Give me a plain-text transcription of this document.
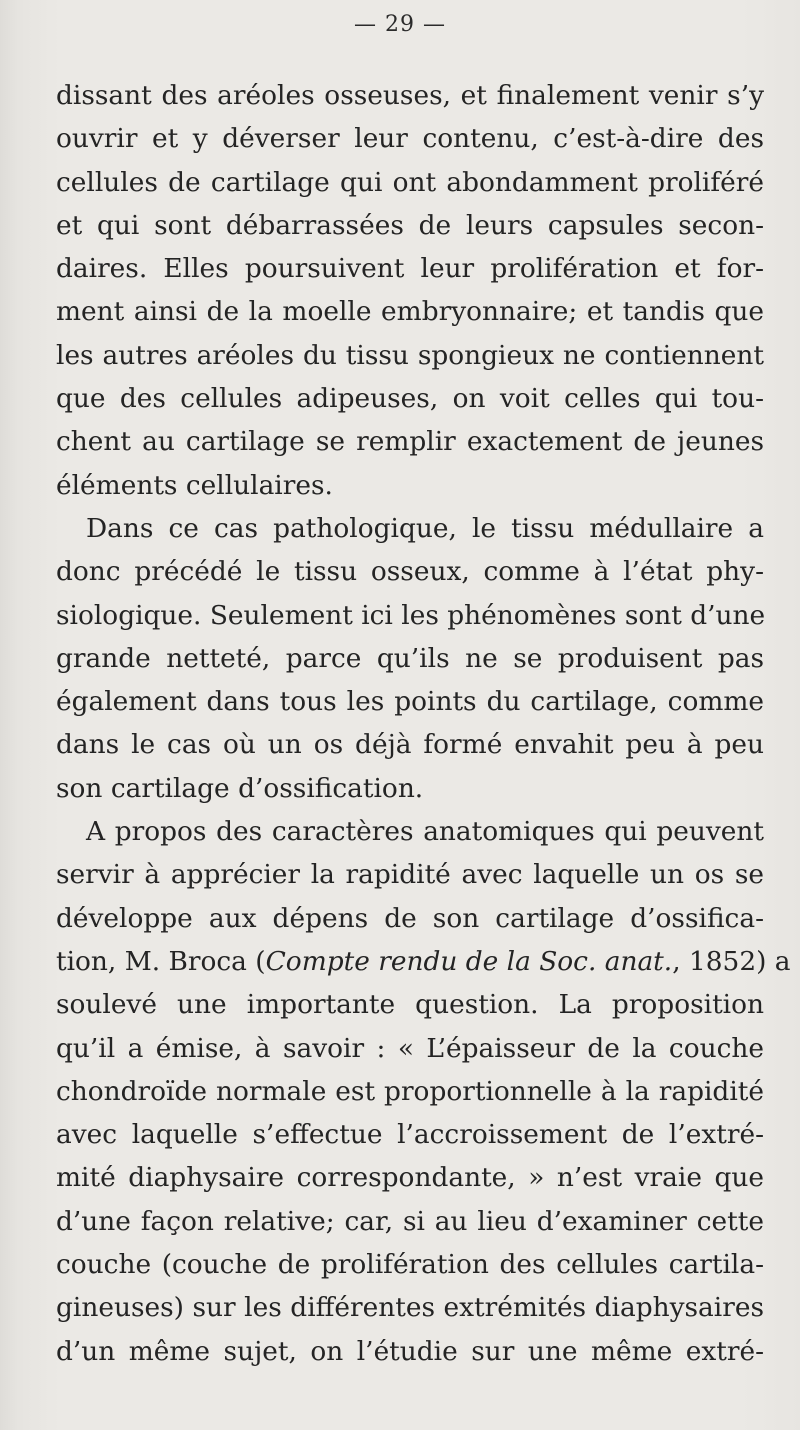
— 29 —
dissant des aréoles osseuses, et finalement venir s’y
ouvrir et y déverser leur contenu, c’est-à-dire des
cellules de cartilage qui ont abondamment proliféré
et qui sont débarrassées de leurs capsules secon-
daires. Elles poursuivent leur prolifération et for-
ment ainsi de la moelle embryonnaire; et tandis que
les autres aréoles du tissu spongieux ne contiennent
que des cellules adipeuses, on voit celles qui tou-
chent au cartilage se remplir exactement de jeunes
éléments cellulaires.
Dans ce cas pathologique, le tissu médullaire a
donc précédé le tissu osseux, comme à l’état phy-
siologique. Seulement ici les phénomènes sont d’une
grande netteté, parce qu’ils ne se produisent pas
également dans tous les points du cartilage, comme
dans le cas où un os déjà formé envahit peu à peu
son cartilage d’ossification.
A propos des caractères anatomiques qui peuvent
servir à apprécier la rapidité avec laquelle un os se
développe aux dépens de son cartilage d’ossifica-
tion, M. Broca (Compte rendu de la Soc. anat., 1852) a
soulevé une importante question. La proposition
qu’il a émise, à savoir : « L’épaisseur de la couche
chondroïde normale est proportionnelle à la rapidité
avec laquelle s’effectue l’accroissement de l’extré-
mité diaphysaire correspondante, » n’est vraie que
d’une façon relative; car, si au lieu d’examiner cette
couche (couche de prolifération des cellules cartila-
gineuses) sur les différentes extrémités diaphysaires
d’un même sujet, on l’étudie sur une même extré-
